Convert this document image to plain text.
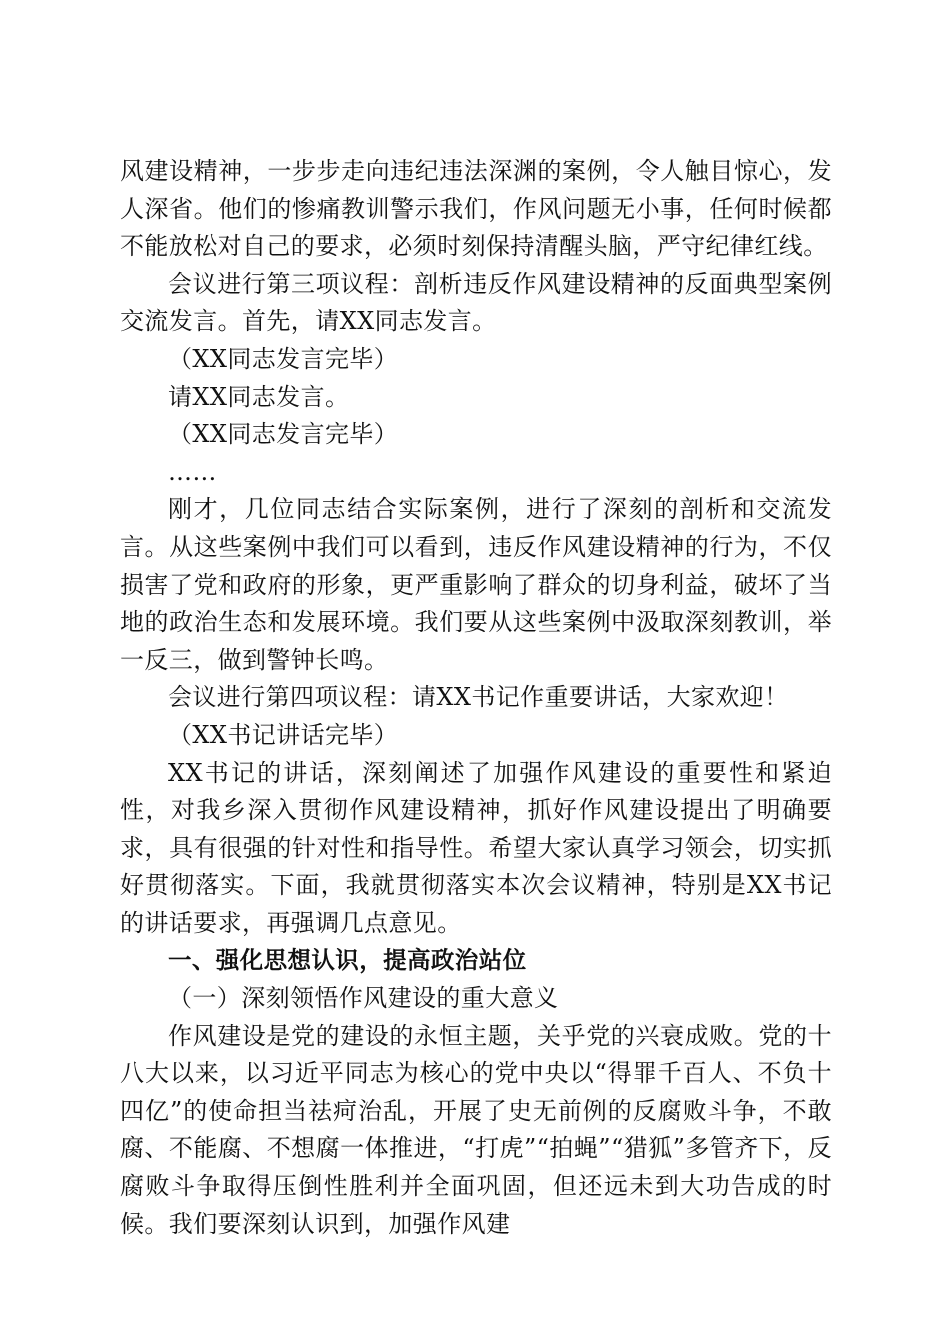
风建设精神，一步步走向违纪违法深渊的案例，令人触目惊心，发人深省。他们的惨痛教训警示我们，作风问题无小事，任何时候都不能放松对自己的要求，必须时刻保持清醒头脑，严守纪律红线。

会议进行第三项议程：剖析违反作风建设精神的反面典型案例交流发言。首先，请XX同志发言。

（XX同志发言完毕）

请XX同志发言。

（XX同志发言完毕）

……

刚才，几位同志结合实际案例，进行了深刻的剖析和交流发言。从这些案例中我们可以看到，违反作风建设精神的行为，不仅损害了党和政府的形象，更严重影响了群众的切身利益，破坏了当地的政治生态和发展环境。我们要从这些案例中汲取深刻教训，举一反三，做到警钟长鸣。

会议进行第四项议程：请XX书记作重要讲话，大家欢迎！

（XX书记讲话完毕）

XX书记的讲话，深刻阐述了加强作风建设的重要性和紧迫性，对我乡深入贯彻作风建设精神，抓好作风建设提出了明确要求，具有很强的针对性和指导性。希望大家认真学习领会，切实抓好贯彻落实。下面，我就贯彻落实本次会议精神，特别是XX书记的讲话要求，再强调几点意见。

一、强化思想认识，提高政治站位

（一）深刻领悟作风建设的重大意义

作风建设是党的建设的永恒主题，关乎党的兴衰成败。党的十八大以来，以习近平同志为核心的党中央以“得罪千百人、不负十四亿”的使命担当祛疴治乱，开展了史无前例的反腐败斗争，不敢腐、不能腐、不想腐一体推进，“打虎”“拍蝇”“猎狐”多管齐下，反腐败斗争取得压倒性胜利并全面巩固，但还远未到大功告成的时候。我们要深刻认识到，加强作风建
